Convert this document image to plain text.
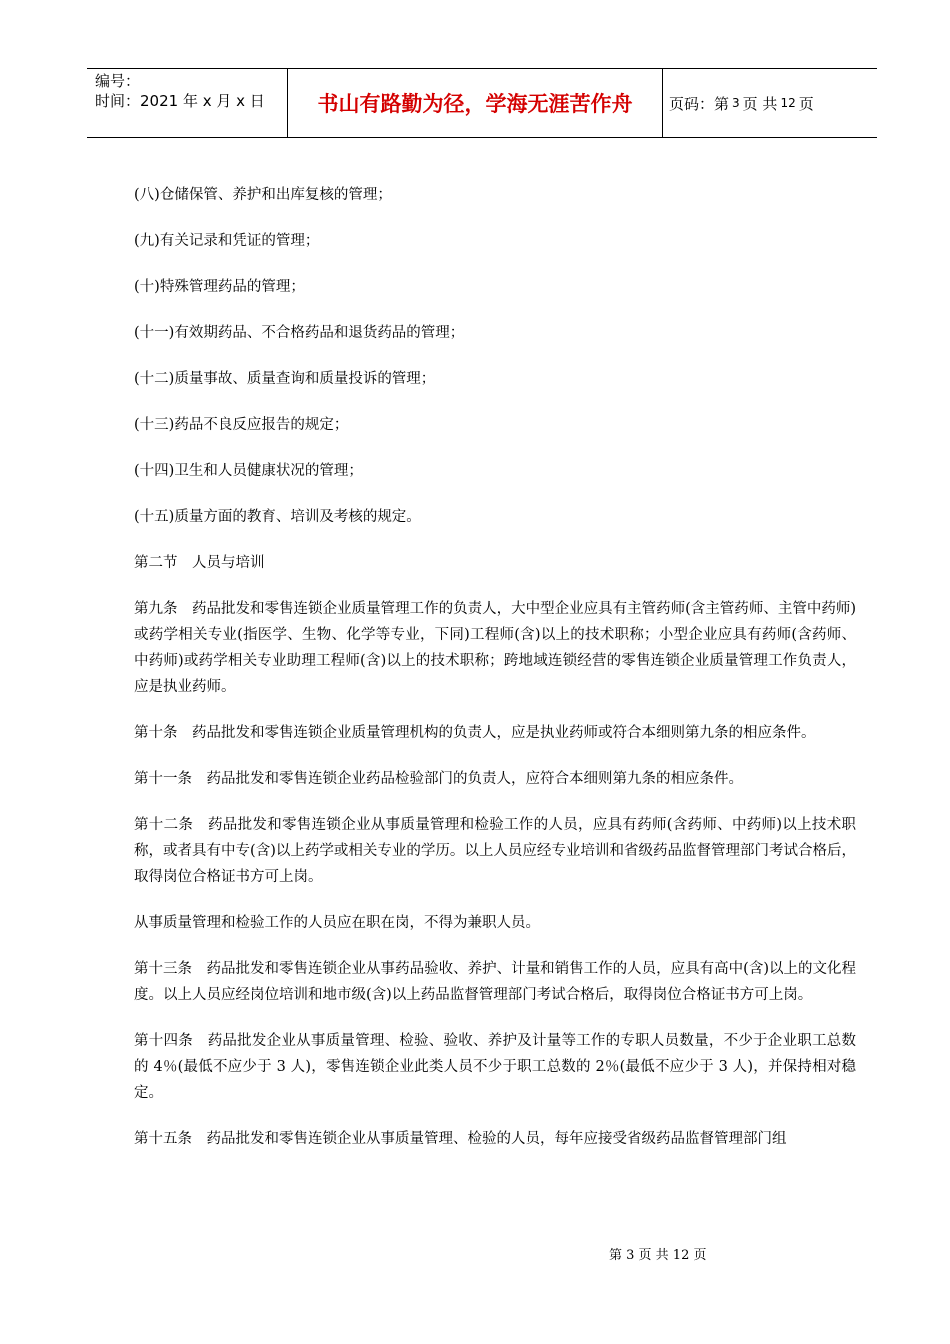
编号：
时间：2021 年 x 月 x 日	书山有路勤为径，学海无涯苦作舟	页码：第 3 页 共 12 页

(八)仓储保管、养护和出库复核的管理；

(九)有关记录和凭证的管理；

(十)特殊管理药品的管理；

(十一)有效期药品、不合格药品和退货药品的管理；

(十二)质量事故、质量查询和质量投诉的管理；

(十三)药品不良反应报告的规定；

(十四)卫生和人员健康状况的管理；

(十五)质量方面的教育、培训及考核的规定。

第二节　人员与培训

第九条　药品批发和零售连锁企业质量管理工作的负责人，大中型企业应具有主管药师(含主管药师、主管中药师)或药学相关专业(指医学、生物、化学等专业，下同)工程师(含)以上的技术职称；小型企业应具有药师(含药师、中药师)或药学相关专业助理工程师(含)以上的技术职称；跨地域连锁经营的零售连锁企业质量管理工作负责人，应是执业药师。

第十条　药品批发和零售连锁企业质量管理机构的负责人，应是执业药师或符合本细则第九条的相应条件。

第十一条　药品批发和零售连锁企业药品检验部门的负责人，应符合本细则第九条的相应条件。

第十二条　药品批发和零售连锁企业从事质量管理和检验工作的人员，应具有药师(含药师、中药师)以上技术职称，或者具有中专(含)以上药学或相关专业的学历。以上人员应经专业培训和省级药品监督管理部门考试合格后，取得岗位合格证书方可上岗。

从事质量管理和检验工作的人员应在职在岗，不得为兼职人员。

第十三条　药品批发和零售连锁企业从事药品验收、养护、计量和销售工作的人员，应具有高中(含)以上的文化程度。以上人员应经岗位培训和地市级(含)以上药品监督管理部门考试合格后，取得岗位合格证书方可上岗。

第十四条　药品批发企业从事质量管理、检验、验收、养护及计量等工作的专职人员数量，不少于企业职工总数的 4％(最低不应少于 3 人)，零售连锁企业此类人员不少于职工总数的 2％(最低不应少于 3 人)，并保持相对稳定。

第十五条　药品批发和零售连锁企业从事质量管理、检验的人员，每年应接受省级药品监督管理部门组

第 3 页 共 12 页
